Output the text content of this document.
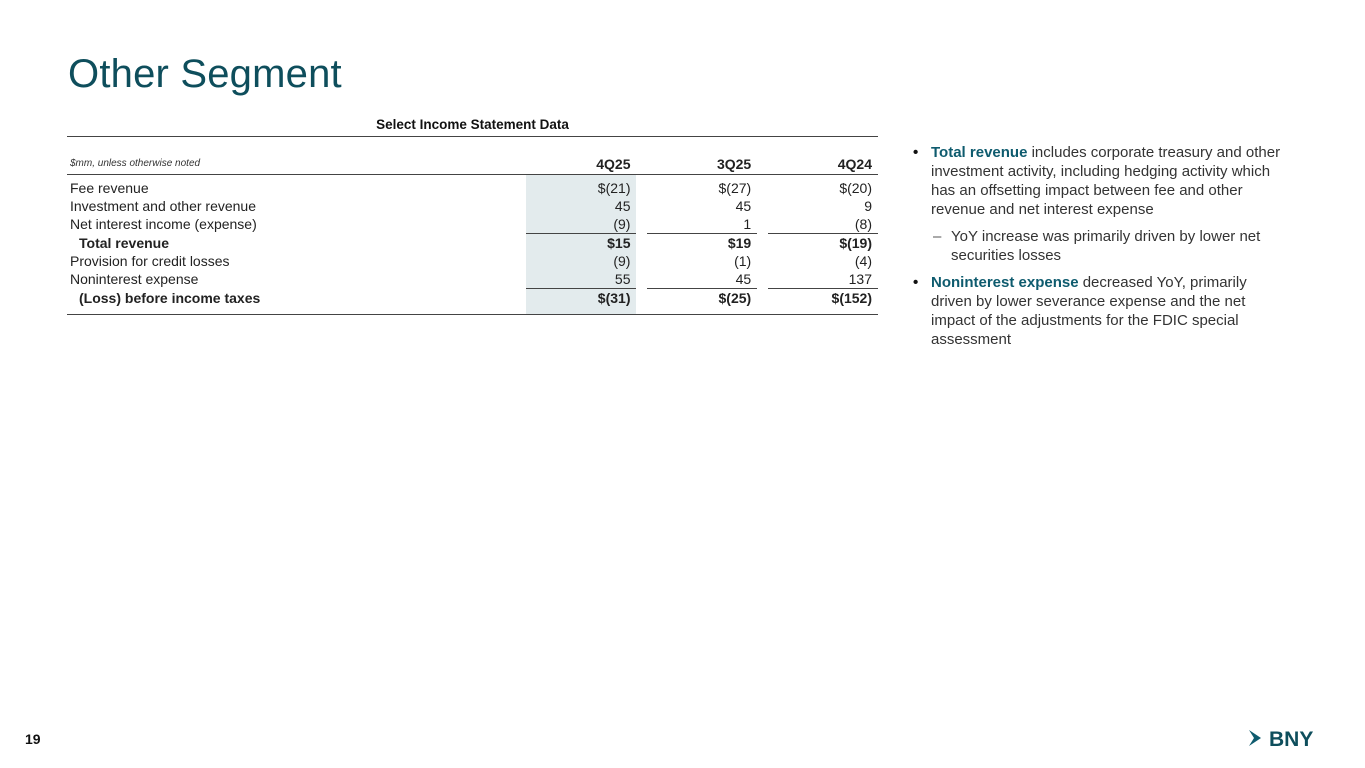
Other Segment
Select Income Statement Data
$mm, unless otherwise noted		4Q25		3Q25		4Q24
Fee revenue		$(21)		$(27)		$(20)
Investment and other revenue		45		45		9
Net interest income (expense)		(9)		1		(8)
Total revenue		$15		$19		$(19)
Provision for credit losses		(9)		(1)		(4)
Noninterest expense		55		45		137
(Loss) before income taxes		$(31)		$(25)		$(152)
• Total revenue includes corporate treasury and other investment activity, including hedging activity which has an offsetting impact between fee and other revenue and net interest expense
– YoY increase was primarily driven by lower net securities losses
• Noninterest expense decreased YoY, primarily driven by lower severance expense and the net impact of the adjustments for the FDIC special assessment
19	BNY
